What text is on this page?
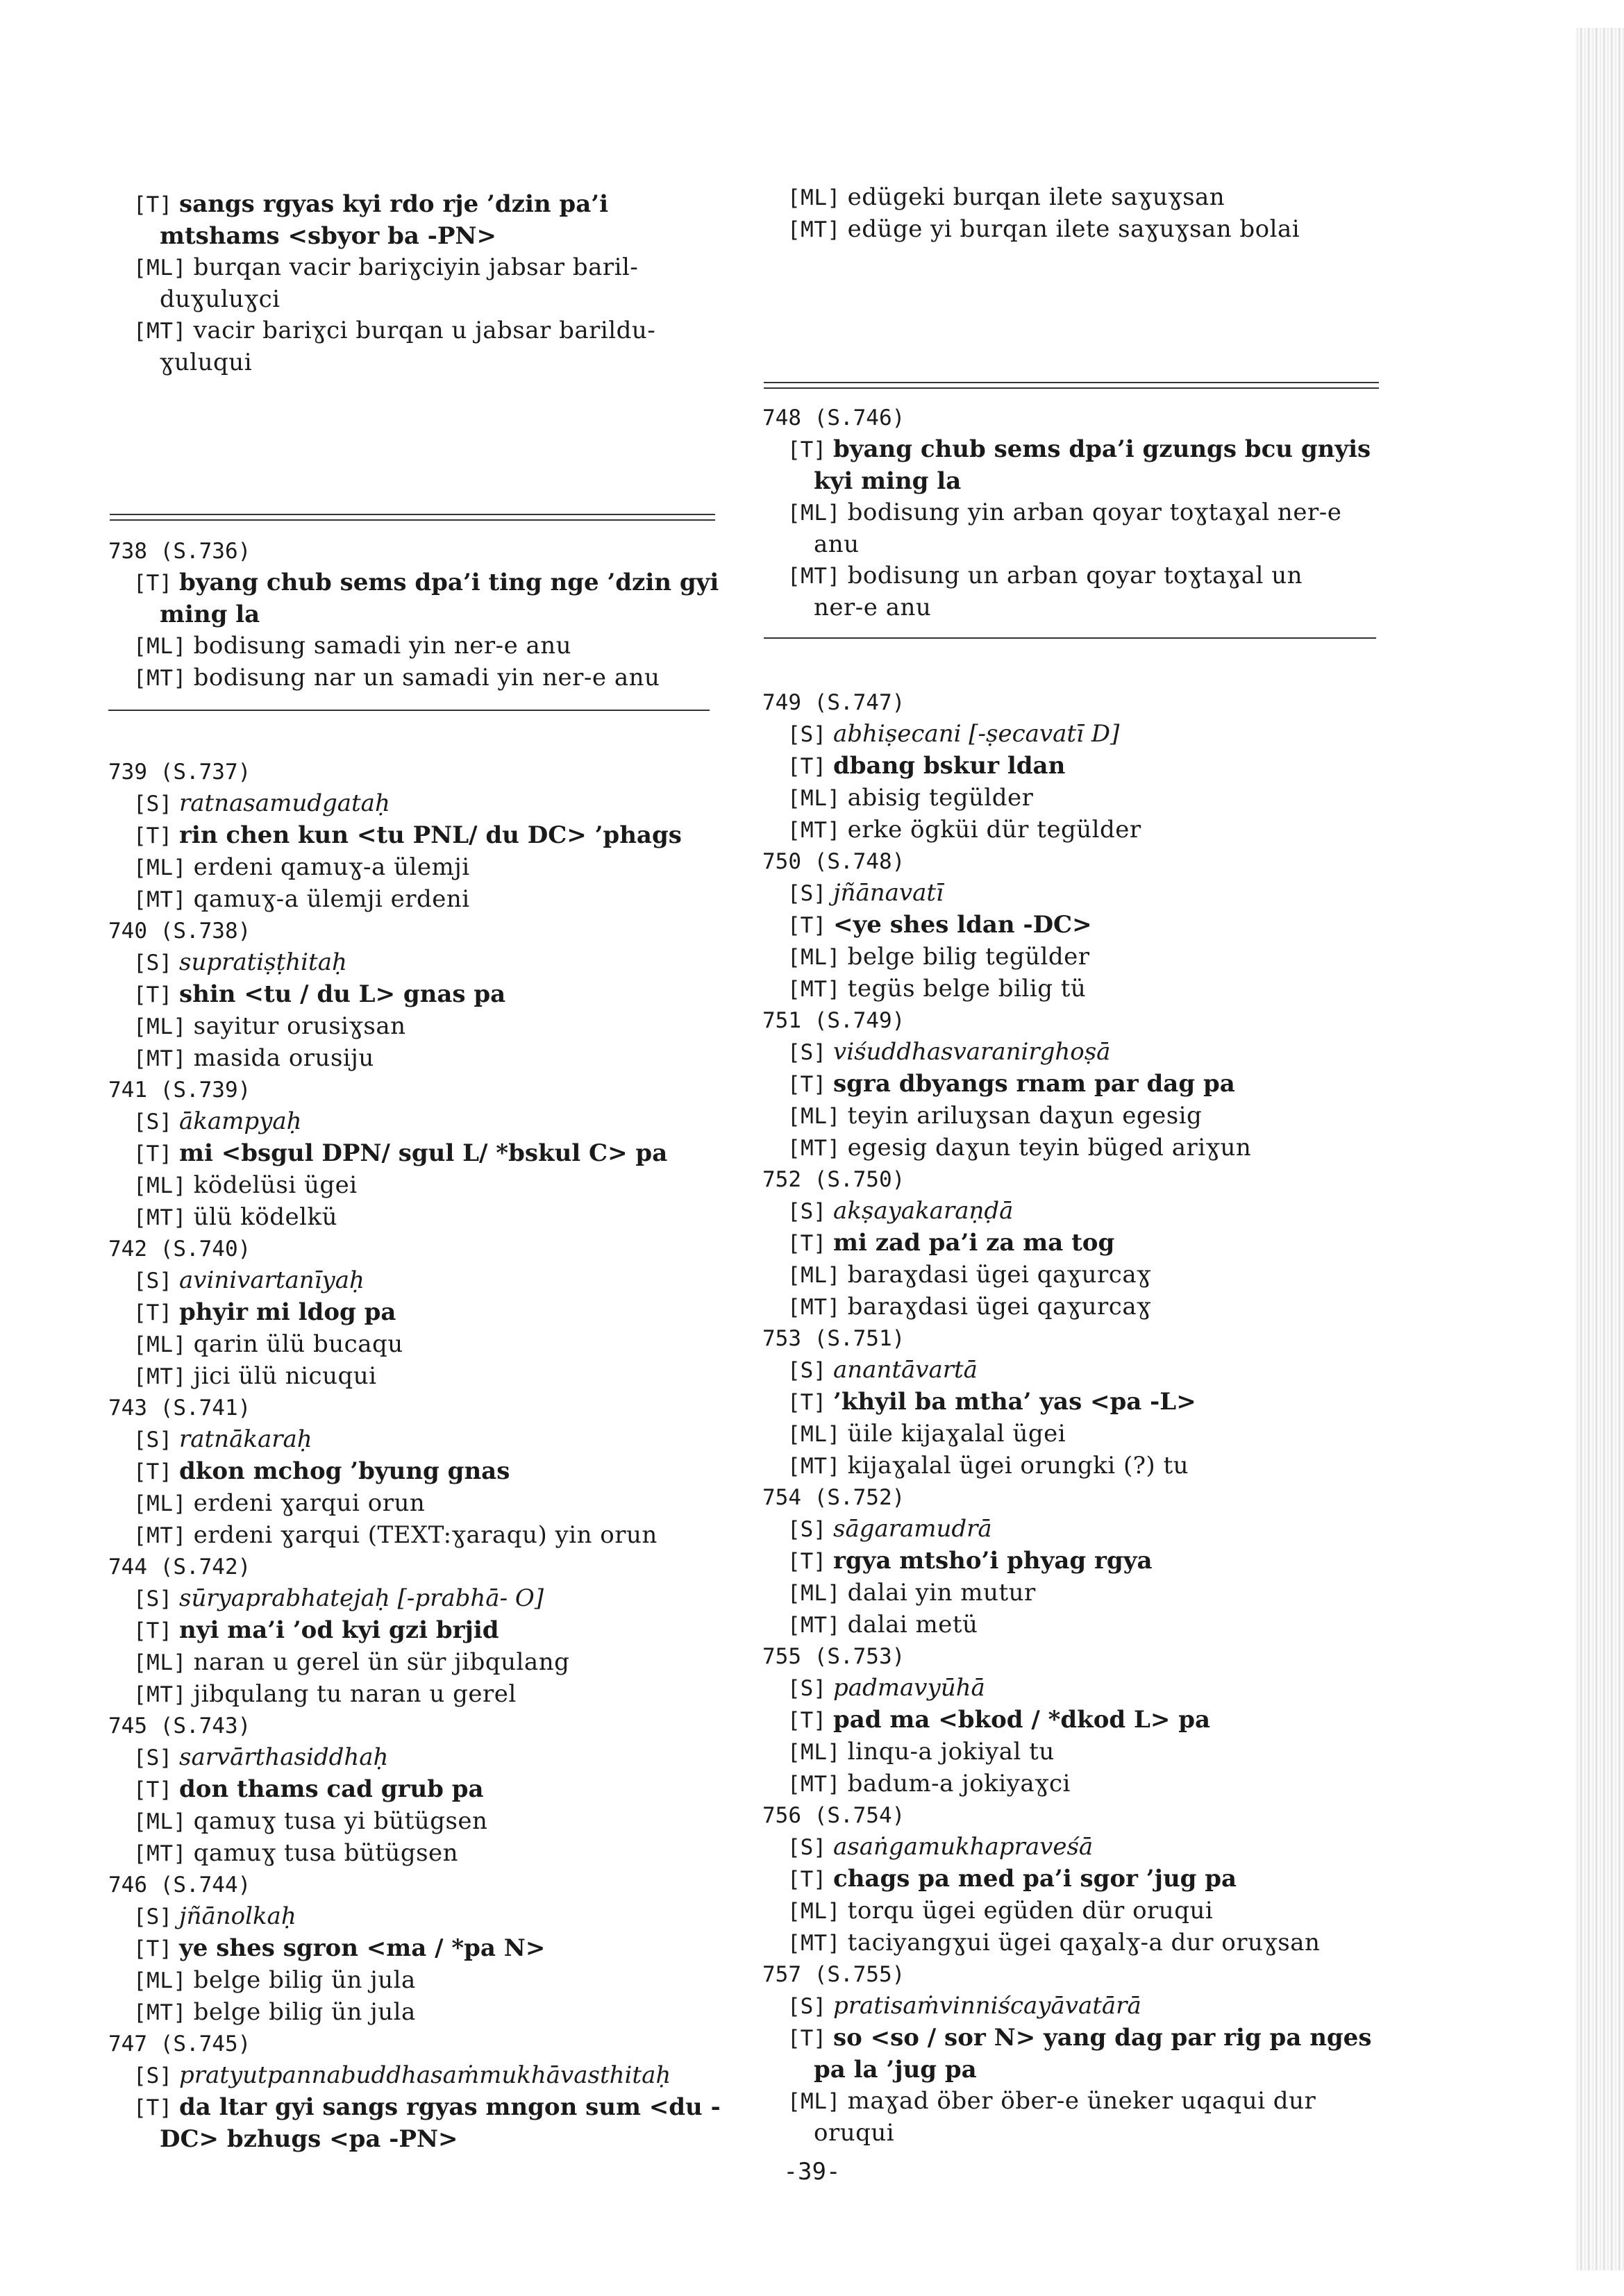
[T] sangs rgyas kyi rdo rje ’dzin pa’i
mtshams <sbyor ba -PN>
[ML] burqan vacir bariɣciyin jabsar baril-
duɣuluɣci
[MT] vacir bariɣci burqan u jabsar barildu-
ɣuluqui
738 (S.736)
[T] byang chub sems dpa’i ting nge ’dzin gyi
ming la
[ML] bodisung samadi yin ner-e anu
[MT] bodisung nar un samadi yin ner-e anu
739 (S.737)
[S] ratnasamudgataḥ
[T] rin chen kun <tu PNL/ du DC> ’phags
[ML] erdeni qamuɣ-a ülemji
[MT] qamuɣ-a ülemji erdeni
740 (S.738)
[S] supratiṣṭhitaḥ
[T] shin <tu / du L> gnas pa
[ML] sayitur orusiɣsan
[MT] masida orusiju
741 (S.739)
[S] ākampyaḥ
[T] mi <bsgul DPN/ sgul L/ *bskul C> pa
[ML] ködelüsi ügei
[MT] ülü ködelkü
742 (S.740)
[S] avinivartanīyaḥ
[T] phyir mi ldog pa
[ML] qarin ülü bucaqu
[MT] jici ülü nicuqui
743 (S.741)
[S] ratnākaraḥ
[T] dkon mchog ’byung gnas
[ML] erdeni ɣarqui orun
[MT] erdeni ɣarqui (TEXT:ɣaraqu) yin orun
744 (S.742)
[S] sūryaprabhatejaḥ [-prabhā- O]
[T] nyi ma’i ’od kyi gzi brjid
[ML] naran u gerel ün sür jibqulang
[MT] jibqulang tu naran u gerel
745 (S.743)
[S] sarvārthasiddhaḥ
[T] don thams cad grub pa
[ML] qamuɣ tusa yi bütügsen
[MT] qamuɣ tusa bütügsen
746 (S.744)
[S] jñānolkaḥ
[T] ye shes sgron <ma / *pa N>
[ML] belge bilig ün jula
[MT] belge bilig ün jula
747 (S.745)
[S] pratyutpannabuddhasaṁmukhāvasthitaḥ
[T] da ltar gyi sangs rgyas mngon sum <du -
DC> bzhugs <pa -PN>
[ML] edügeki burqan ilete saɣuɣsan
[MT] edüge yi burqan ilete saɣuɣsan bolai
748 (S.746)
[T] byang chub sems dpa’i gzungs bcu gnyis
kyi ming la
[ML] bodisung yin arban qoyar toɣtaɣal ner-e
anu
[MT] bodisung un arban qoyar toɣtaɣal un
ner-e anu
749 (S.747)
[S] abhiṣecani [-ṣecavatī D]
[T] dbang bskur ldan
[ML] abisig tegülder
[MT] erke ögküi dür tegülder
750 (S.748)
[S] jñānavatī
[T] <ye shes ldan -DC>
[ML] belge bilig tegülder
[MT] tegüs belge bilig tü
751 (S.749)
[S] viśuddhasvaranirghoṣā
[T] sgra dbyangs rnam par dag pa
[ML] teyin ariluɣsan daɣun egesig
[MT] egesig daɣun teyin büged ariɣun
752 (S.750)
[S] akṣayakaraṇḍā
[T] mi zad pa’i za ma tog
[ML] baraɣdasi ügei qaɣurcaɣ
[MT] baraɣdasi ügei qaɣurcaɣ
753 (S.751)
[S] anantāvartā
[T] ’khyil ba mtha’ yas <pa -L>
[ML] üile kijaɣalal ügei
[MT] kijaɣalal ügei orungki (?) tu
754 (S.752)
[S] sāgaramudrā
[T] rgya mtsho’i phyag rgya
[ML] dalai yin mutur
[MT] dalai metü
755 (S.753)
[S] padmavyūhā
[T] pad ma <bkod / *dkod L> pa
[ML] linqu-a jokiyal tu
[MT] badum-a jokiyaɣci
756 (S.754)
[S] asaṅgamukhapraveśā
[T] chags pa med pa’i sgor ’jug pa
[ML] torqu ügei egüden dür oruqui
[MT] taciyangɣui ügei qaɣalɣ-a dur oruɣsan
757 (S.755)
[S] pratisaṁvinniścayāvatārā
[T] so <so / sor N> yang dag par rig pa nges
pa la ’jug pa
[ML] maɣad öber öber-e üneker uqaqui dur
oruqui
-39-
